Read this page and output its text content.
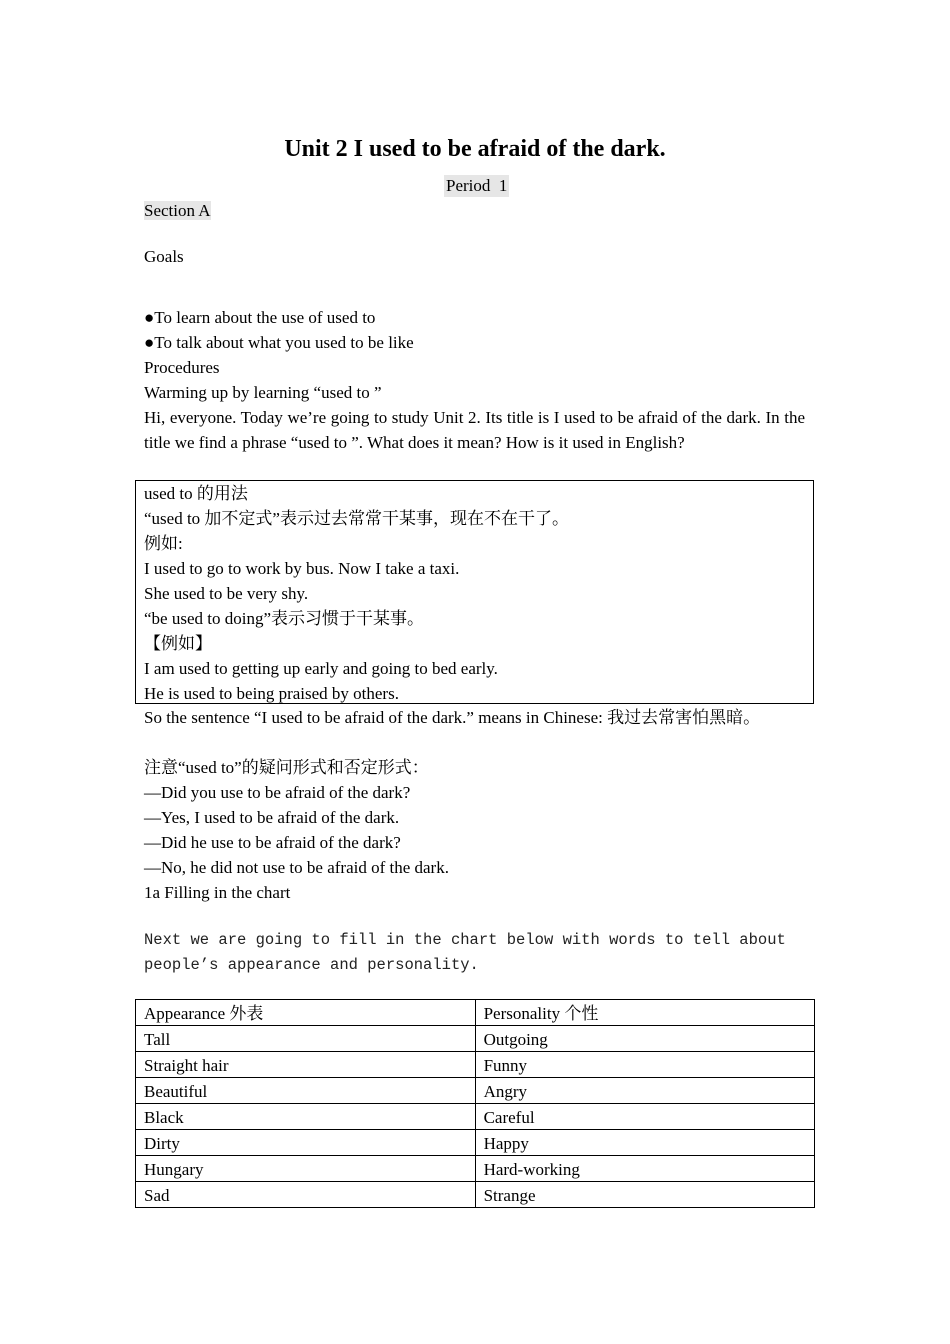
Unit 2 I used to be afraid of the dark.
Period  1
Section A
Goals
●To learn about the use of used to
●To talk about what you used to be like
Procedures
Warming up by learning “used to ”
Hi, everyone. Today we’re going to study Unit 2. Its title is I used to be afraid of the dark. In the title we find a phrase “used to ”. What does it mean? How is it used in English?
used to 的用法
“used to 加不定式”表示过去常常干某事，现在不在干了。
例如:
I used to go to work by bus. Now I take a taxi.
She used to be very shy.
“be used to doing”表示习惯于干某事。
【例如】
I am used to getting up early and going to bed early.
He is used to being praised by others.
So the sentence “I used to be afraid of the dark.” means in Chinese: 我过去常害怕黑暗。
注意“used to”的疑问形式和否定形式：
—Did you use to be afraid of the dark?
—Yes, I used to be afraid of the dark.
—Did he use to be afraid of the dark?
—No, he did not use to be afraid of the dark.
1a Filling in the chart
Next we are going to fill in the chart below with words to tell about people’s appearance and personality.
Appearance 外表	Personality 个性
Tall	Outgoing
Straight hair	Funny
Beautiful	Angry
Black	Careful
Dirty	Happy
Hungary	Hard-working
Sad	Strange
